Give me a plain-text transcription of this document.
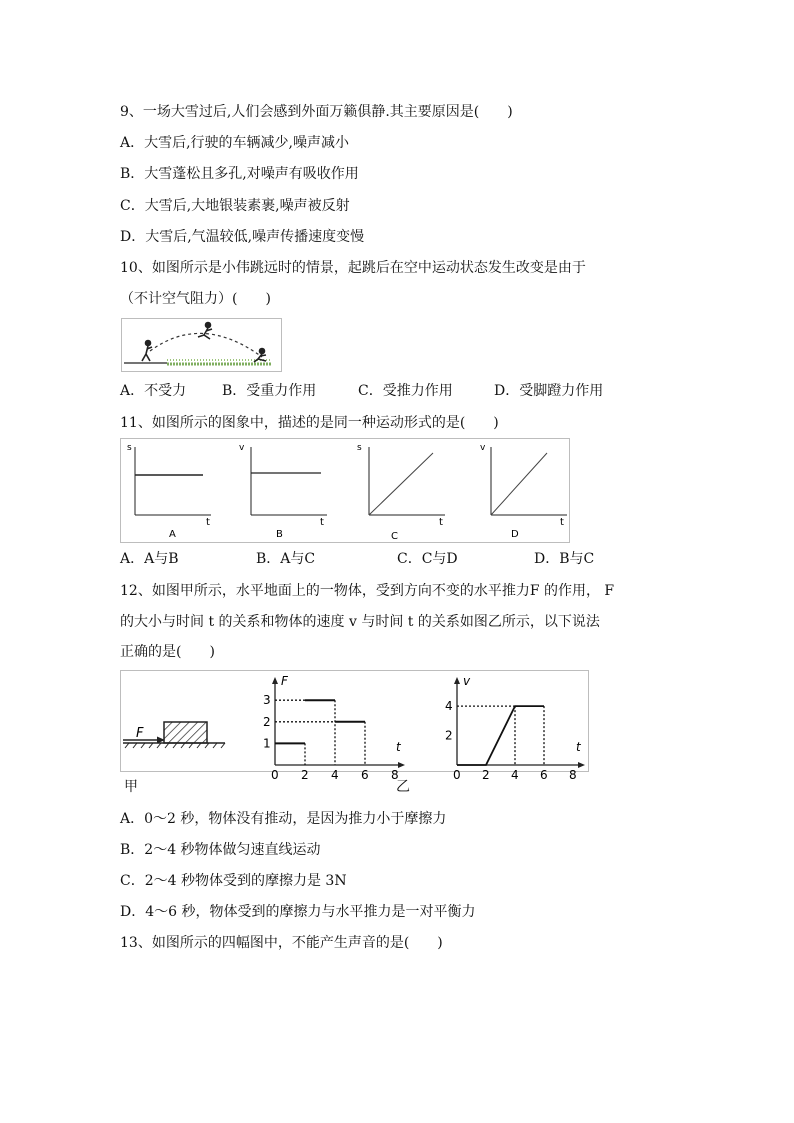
9、一场大雪过后,人们会感到外面万籁俱静.其主要原因是(　　)
A．大雪后,行驶的车辆减少,噪声减小
B．大雪蓬松且多孔,对噪声有吸收作用
C．大雪后,大地银装素裹,噪声被反射
D．大雪后,气温较低,噪声传播速度变慢
10、如图所示是小伟跳远时的情景，起跳后在空中运动状态发生改变是由于
（不计空气阻力）(　　)
A．不受力	B．受重力作用	C．受推力作用	D．受脚蹬力作用
11、如图所示的图象中，描述的是同一种运动形式的是(　　)
s
t
A
v
t
B
s
t
C
v
t
D
A．A与B	B．A与C	C．C与D	D．B与C
12、如图甲所示，水平地面上的一物体，受到方向不变的水平推力F 的作用， F
的大小与时间 t 的关系和物体的速度 v 与时间 t 的关系如图乙所示，以下说法
正确的是(　　)
F
F
t
0 2 4 6 8
1
2
3
v
t
0 2 4 6 8
2
4
甲	乙
A．0～2 秒，物体没有推动，是因为推力小于摩擦力
B．2～4 秒物体做匀速直线运动
C．2～4 秒物体受到的摩擦力是 3N
D．4～6 秒，物体受到的摩擦力与水平推力是一对平衡力
13、如图所示的四幅图中，不能产生声音的是(　　)
